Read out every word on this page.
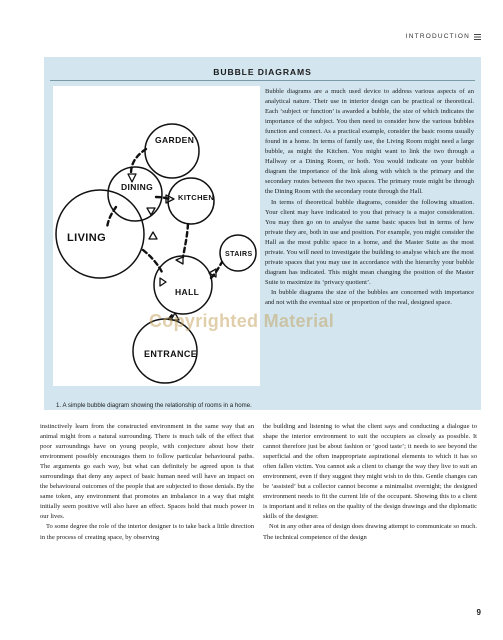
INTRODUCTION
BUBBLE DIAGRAMS
GARDEN
DINING
KITCHEN
LIVING
STAIRS
HALL
ENTRANCE
1. A simple bubble diagram showing the relationship of rooms in a home.

Bubble diagrams are a much used device to address various aspects of an analytical nature. Their use in interior design can be practical or theoretical. Each ‘subject or function’ is awarded a bubble, the size of which indicates the importance of the subject. You then need to consider how the various bubbles function and connect. As a practical example, consider the basic rooms usually found in a home. In terms of family use, the Living Room might need a large bubble, as might the Kitchen. You might want to link the two through a Hallway or a Dining Room, or both. You would indicate on your bubble diagram the importance of the link along with which is the primary and the secondary routes between the two spaces. The primary route might be through the Dining Room with the secondary route through the Hall.

In terms of theoretical bubble diagrams, consider the following situation. Your client may have indicated to you that privacy is a major consideration. You may then go on to analyse the same basic spaces but in terms of how private they are, both in use and position. For example, you might consider the Hall as the most public space in a home, and the Master Suite as the most private. You will need to investigate the building to analyse which are the most private spaces that you may use in accordance with the hierarchy your bubble diagram has indicated. This might mean changing the position of the Master Suite to maximize its ‘privacy quotient’.

In bubble diagrams the size of the bubbles are concerned with importance and not with the eventual size or proportion of the real, designed space.

Copyrighted Material

instinctively learn from the constructed environment in the same way that an animal might from a natural surrounding. There is much talk of the effect that poor surroundings have on young people, with conjecture about how their environment possibly encourages them to follow particular behavioural paths. The arguments go each way, but what can definitely be agreed upon is that surroundings that deny any aspect of basic human need will have an impact on the behavioural outcomes of the people that are subjected to those denials. By the same token, any environment that promotes an imbalance in a way that might initially seem positive will also have an effect. Spaces hold that much power in our lives.

To some degree the role of the interior designer is to take back a little direction in the process of creating space, by observing

the building and listening to what the client says and conducting a dialogue to shape the interior environment to suit the occupiers as closely as possible. It cannot therefore just be about fashion or ‘good taste’; it needs to see beyond the superficial and the often inappropriate aspirational elements to which it has so often fallen victim. You cannot ask a client to change the way they live to suit an environment, even if they suggest they might wish to do this. Gentle changes can be ‘assisted’ but a collector cannot become a minimalist overnight; the designed environment needs to fit the current life of the occupant. Showing this to a client is important and it relies on the quality of the design drawings and the diplomatic skills of the designer.

Not in any other area of design does drawing attempt to communicate so much. The technical competence of the design

9
